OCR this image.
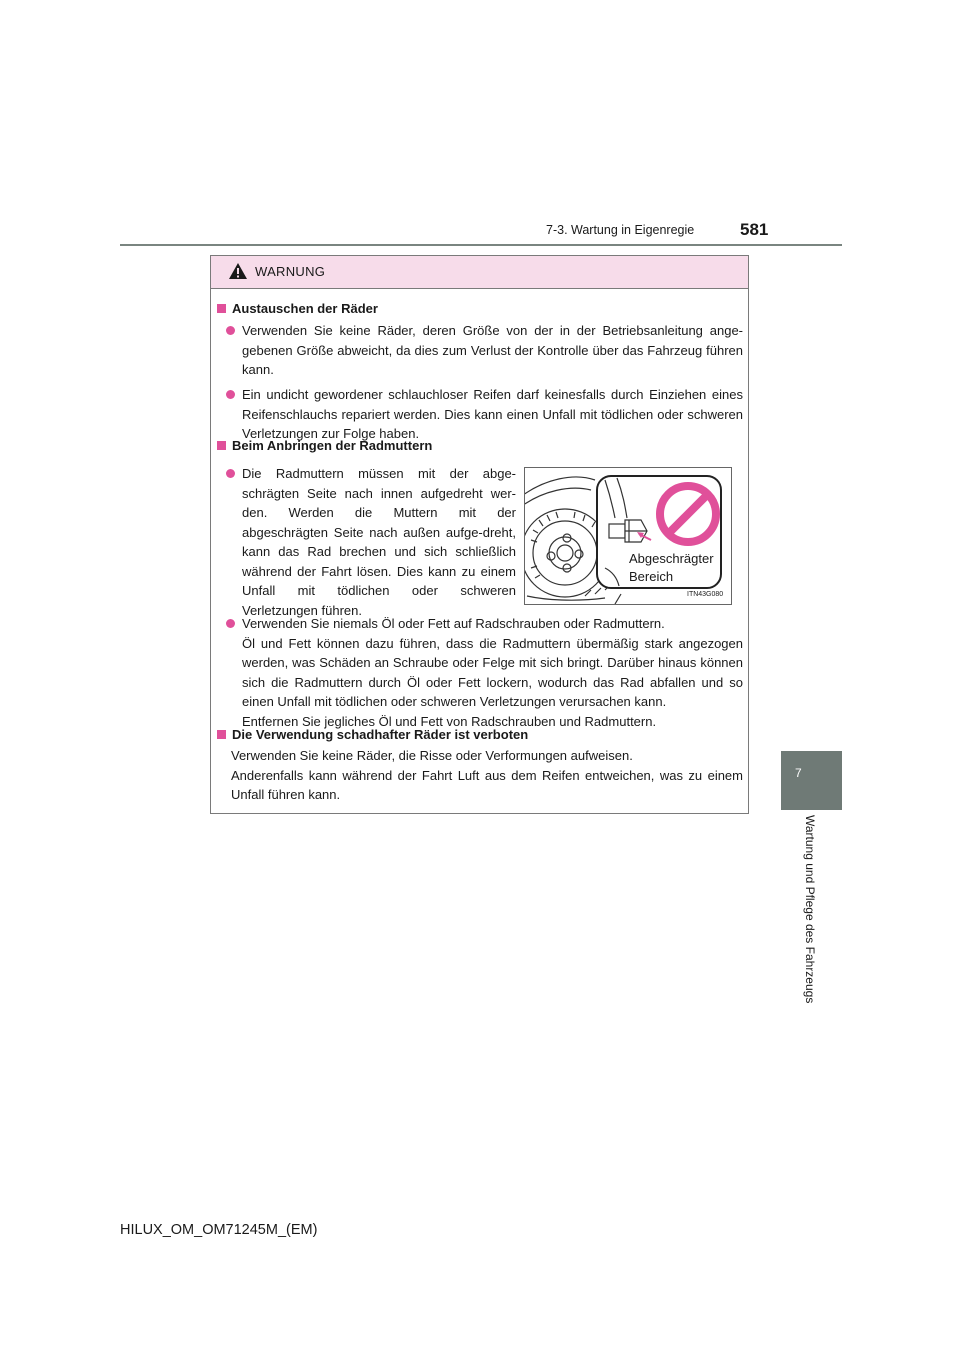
7-3. Wartung in Eigenregie	581
7
Wartung und Pflege des Fahrzeugs
WARNUNG
Austauschen der Räder
Verwenden Sie keine Räder, deren Größe von der in der Betriebsanleitung ange-gebenen Größe abweicht, da dies zum Verlust der Kontrolle über das Fahrzeug führen kann.
Ein undicht gewordener schlauchloser Reifen darf keinesfalls durch Einziehen eines Reifenschlauchs repariert werden. Dies kann einen Unfall mit tödlichen oder schweren Verletzungen zur Folge haben.
Beim Anbringen der Radmuttern
Die Radmuttern müssen mit der abge-schrägten Seite nach innen aufgedreht wer-den. Werden die Muttern mit der abgeschrägten Seite nach außen aufge-dreht, kann das Rad brechen und sich schließlich während der Fahrt lösen. Dies kann zu einem Unfall mit tödlichen oder schweren Verletzungen führen.
Abgeschrägter
Bereich
ITN43G080
Verwenden Sie niemals Öl oder Fett auf Radschrauben oder Radmuttern.
Öl und Fett können dazu führen, dass die Radmuttern übermäßig stark angezogen werden, was Schäden an Schraube oder Felge mit sich bringt. Darüber hinaus können sich die Radmuttern durch Öl oder Fett lockern, wodurch das Rad abfallen und so einen Unfall mit tödlichen oder schweren Verletzungen verursachen kann.
Entfernen Sie jegliches Öl und Fett von Radschrauben und Radmuttern.
Die Verwendung schadhafter Räder ist verboten
Verwenden Sie keine Räder, die Risse oder Verformungen aufweisen.
Anderenfalls kann während der Fahrt Luft aus dem Reifen entweichen, was zu einem Unfall führen kann.
HILUX_OM_OM71245M_(EM)
